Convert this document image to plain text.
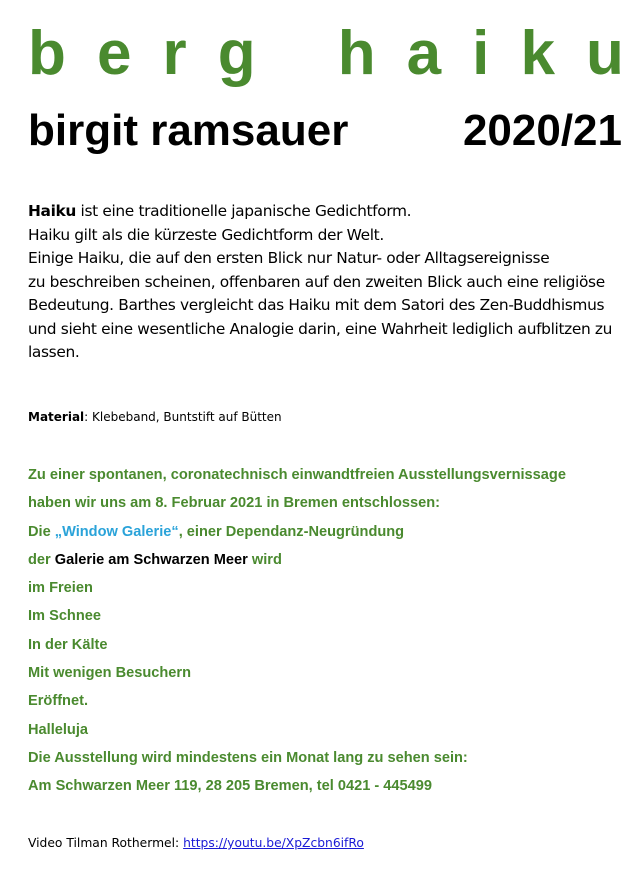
b e r g h a i k u
birgit ramsauer	2020/21

Haiku ist eine traditionelle japanische Gedichtform.

Haiku gilt als die kürzeste Gedichtform der Welt.

Einige Haiku, die auf den ersten Blick nur Natur- oder Alltagsereignisse

zu beschreiben scheinen, offenbaren auf den zweiten Blick auch eine religiöse

Bedeutung. Barthes vergleicht das Haiku mit dem Satori des Zen-Buddhismus

und sieht eine wesentliche Analogie darin, eine Wahrheit lediglich aufblitzen zu

lassen.

Material: Klebeband, Buntstift auf Bütten
Zu einer spontanen, coronatechnisch einwandtfreien Ausstellungsvernissage
haben wir uns am 8. Februar 2021 in Bremen entschlossen:
Die „Window Galerie“, einer Dependanz-Neugründung
der Galerie am Schwarzen Meer wird
im Freien
Im Schnee
In der Kälte
Mit wenigen Besuchern
Eröffnet.
Halleluja
Die Ausstellung wird mindestens ein Monat lang zu sehen sein:
Am Schwarzen Meer 119, 28 205 Bremen, tel 0421 - 445499
Video Tilman Rothermel: https://youtu.be/XpZcbn6ifRo
